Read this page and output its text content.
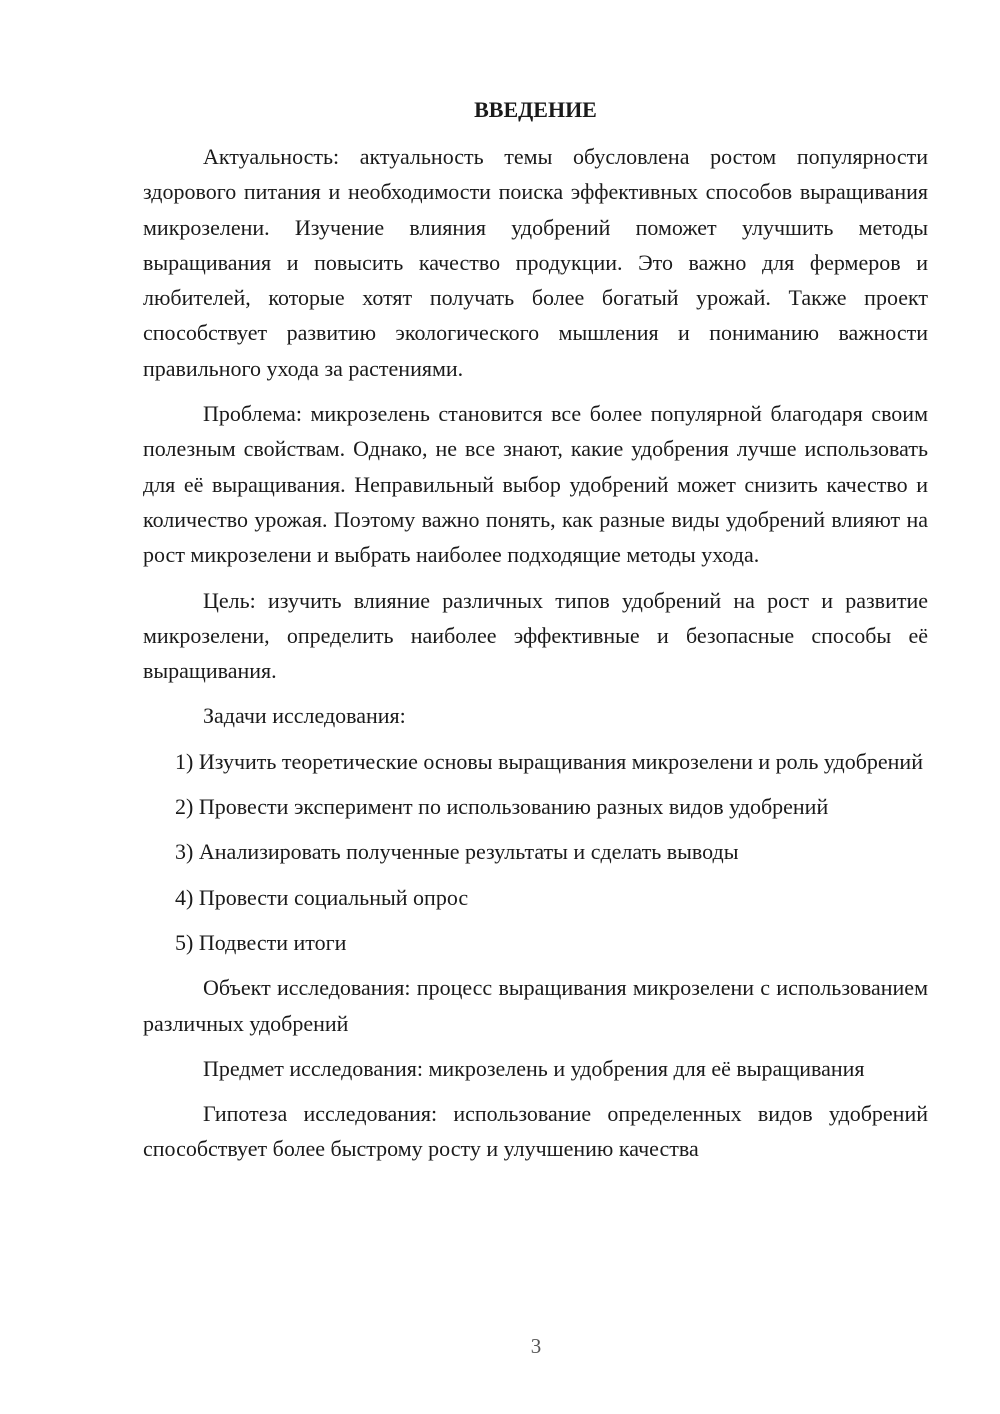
ВВЕДЕНИЕ

Актуальность: актуальность темы обусловлена ростом популярности здорового питания и необходимости поиска эффективных способов выращивания микрозелени. Изучение влияния удобрений поможет улучшить методы выращивания и повысить качество продукции. Это важно для фермеров и любителей, которые хотят получать более богатый урожай. Также проект способствует развитию экологического мышления и пониманию важности правильного ухода за растениями.

Проблема: микрозелень становится все более популярной благодаря своим полезным свойствам. Однако, не все знают, какие удобрения лучше использовать для её выращивания. Неправильный выбор удобрений может снизить качество и количество урожая. Поэтому важно понять, как разные виды удобрений влияют на рост микрозелени и выбрать наиболее подходящие методы ухода.

Цель: изучить влияние различных типов удобрений на рост и развитие микрозелени, определить наиболее эффективные и безопасные способы её выращивания.

Задачи исследования:

1) Изучить теоретические основы выращивания микрозелени и роль удобрений

2) Провести эксперимент по использованию разных видов удобрений

3) Анализировать полученные результаты и сделать выводы

4) Провести социальный опрос

5) Подвести итоги

Объект исследования: процесс выращивания микрозелени с использованием различных удобрений

Предмет исследования: микрозелень и удобрения для её выращивания

Гипотеза исследования: использование определенных видов удобрений способствует более быстрому росту и улучшению качества

3
